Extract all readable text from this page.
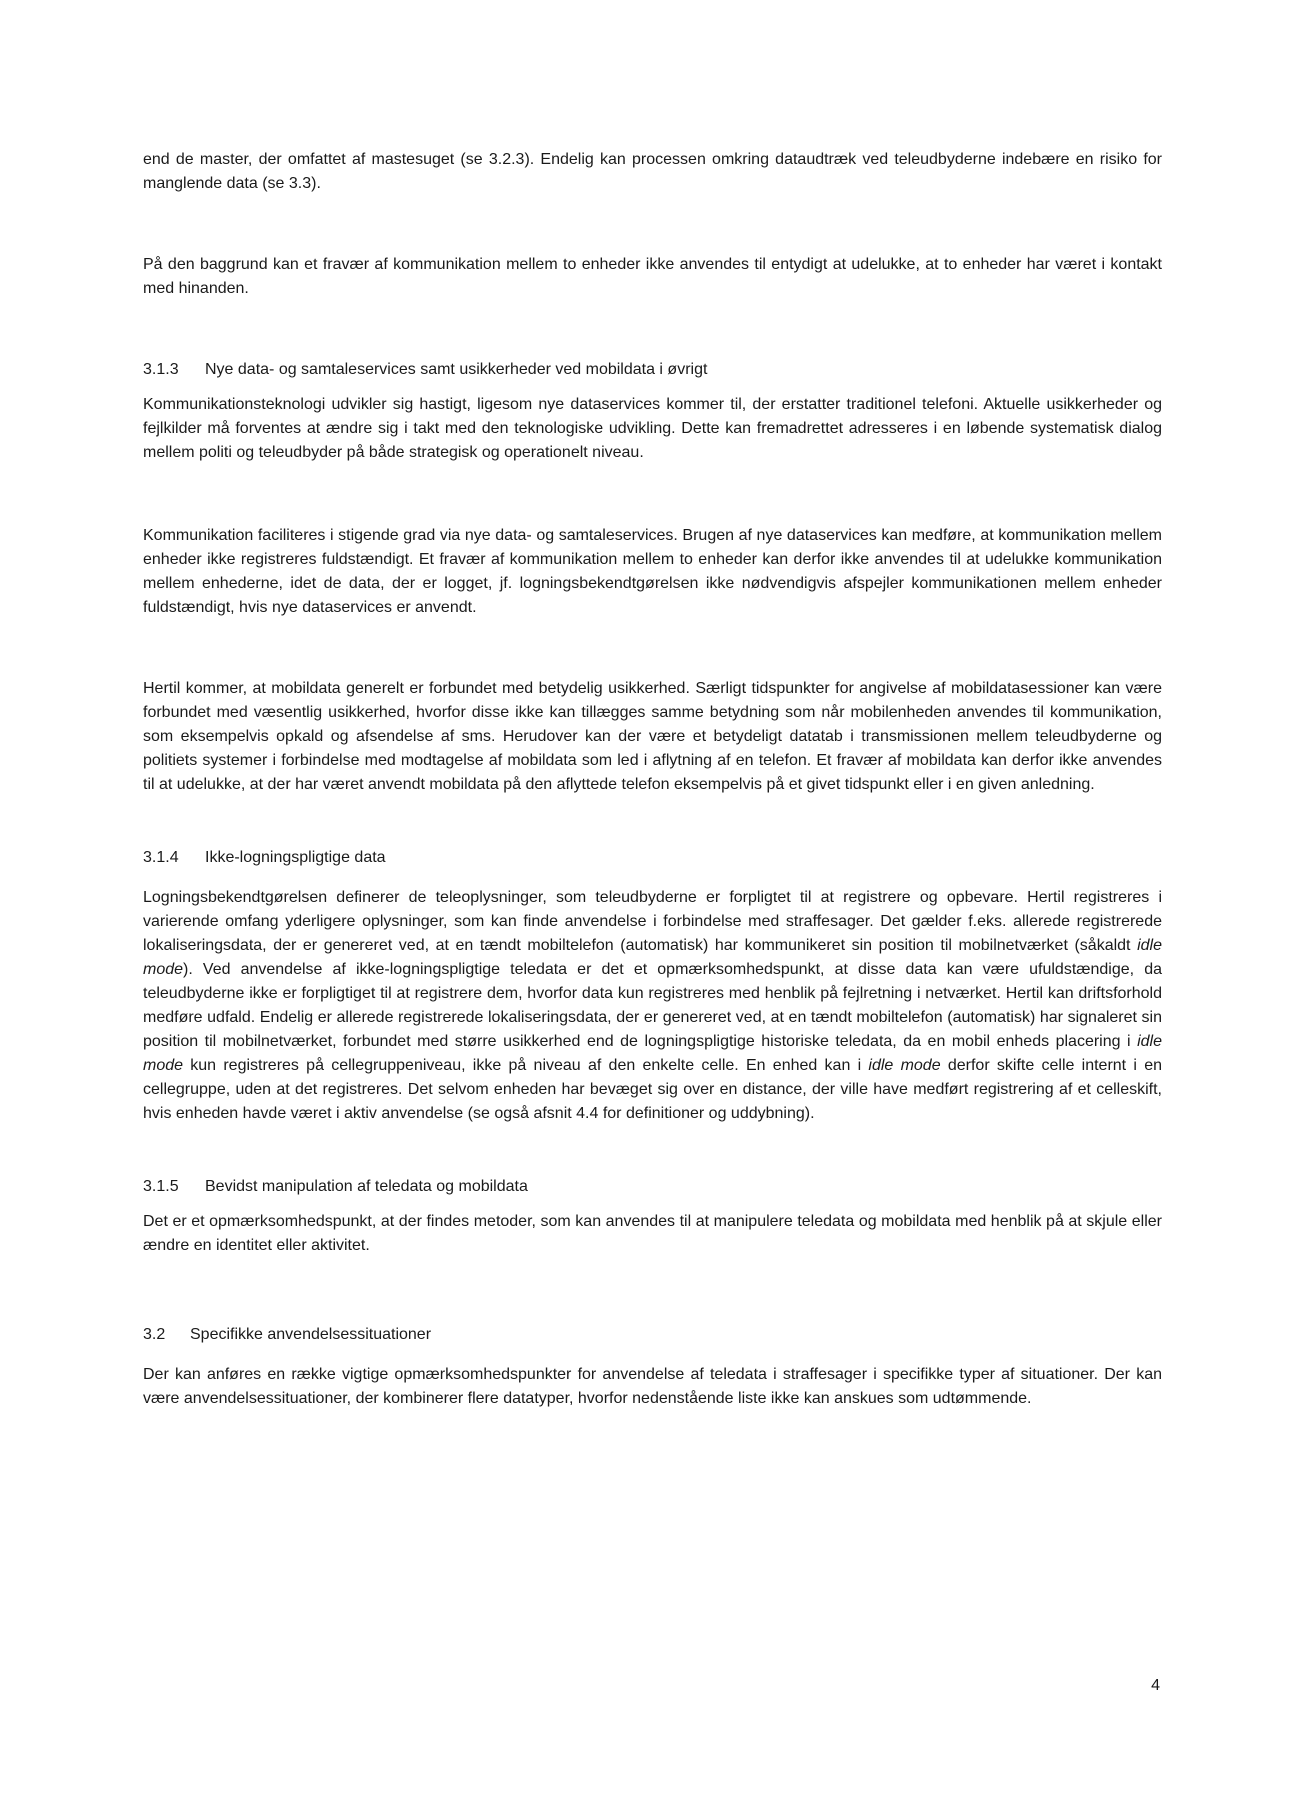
end de master, der omfattet af mastesuget (se 3.2.3). Endelig kan processen omkring dataudtræk ved teleudbyderne indebære en risiko for manglende data (se 3.3).

På den baggrund kan et fravær af kommunikation mellem to enheder ikke anvendes til entydigt at udelukke, at to enheder har været i kontakt med hinanden.

3.1.3	Nye data- og samtaleservices samt usikkerheder ved mobildata i øvrigt

Kommunikationsteknologi udvikler sig hastigt, ligesom nye dataservices kommer til, der erstatter traditionel telefoni. Aktuelle usikkerheder og fejlkilder må forventes at ændre sig i takt med den teknologiske udvikling. Dette kan fremadrettet adresseres i en løbende systematisk dialog mellem politi og teleudbyder på både strategisk og operationelt niveau.

Kommunikation faciliteres i stigende grad via nye data- og samtaleservices. Brugen af nye dataservices kan medføre, at kommunikation mellem enheder ikke registreres fuldstændigt. Et fravær af kommunikation mellem to enheder kan derfor ikke anvendes til at udelukke kommunikation mellem enhederne, idet de data, der er logget, jf. logningsbekendtgørelsen ikke nødvendigvis afspejler kommunikationen mellem enheder fuldstændigt, hvis nye dataservices er anvendt.

Hertil kommer, at mobildata generelt er forbundet med betydelig usikkerhed. Særligt tidspunkter for angivelse af mobildatasessioner kan være forbundet med væsentlig usikkerhed, hvorfor disse ikke kan tillægges samme betydning som når mobilenheden anvendes til kommunikation, som eksempelvis opkald og afsendelse af sms. Herudover kan der være et betydeligt datatab i transmissionen mellem teleudbyderne og politiets systemer i forbindelse med modtagelse af mobildata som led i aflytning af en telefon. Et fravær af mobildata kan derfor ikke anvendes til at udelukke, at der har været anvendt mobildata på den aflyttede telefon eksempelvis på et givet tidspunkt eller i en given anledning.

3.1.4	Ikke-logningspligtige data

Logningsbekendtgørelsen definerer de teleoplysninger, som teleudbyderne er forpligtet til at registrere og opbevare. Hertil registreres i varierende omfang yderligere oplysninger, som kan finde anvendelse i forbindelse med straffesager. Det gælder f.eks. allerede registrerede lokaliseringsdata, der er genereret ved, at en tændt mobiltelefon (automatisk) har kommunikeret sin position til mobilnetværket (såkaldt idle mode). Ved anvendelse af ikke-logningspligtige teledata er det et opmærksomhedspunkt, at disse data kan være ufuldstændige, da teleudbyderne ikke er forpligtiget til at registrere dem, hvorfor data kun registreres med henblik på fejlretning i netværket. Hertil kan driftsforhold medføre udfald. Endelig er allerede registrerede lokaliseringsdata, der er genereret ved, at en tændt mobiltelefon (automatisk) har signaleret sin position til mobilnetværket, forbundet med større usikkerhed end de logningspligtige historiske teledata, da en mobil enheds placering i idle mode kun registreres på cellegruppeniveau, ikke på niveau af den enkelte celle. En enhed kan i idle mode derfor skifte celle internt i en cellegruppe, uden at det registreres. Det selvom enheden har bevæget sig over en distance, der ville have medført registrering af et celleskift, hvis enheden havde været i aktiv anvendelse (se også afsnit 4.4 for definitioner og uddybning).

3.1.5	Bevidst manipulation af teledata og mobildata

Det er et opmærksomhedspunkt, at der findes metoder, som kan anvendes til at manipulere teledata og mobildata med henblik på at skjule eller ændre en identitet eller aktivitet.

3.2	Specifikke anvendelsessituationer

Der kan anføres en række vigtige opmærksomhedspunkter for anvendelse af teledata i straffesager i specifikke typer af situationer. Der kan være anvendelsessituationer, der kombinerer flere datatyper, hvorfor nedenstående liste ikke kan anskues som udtømmende.

4
